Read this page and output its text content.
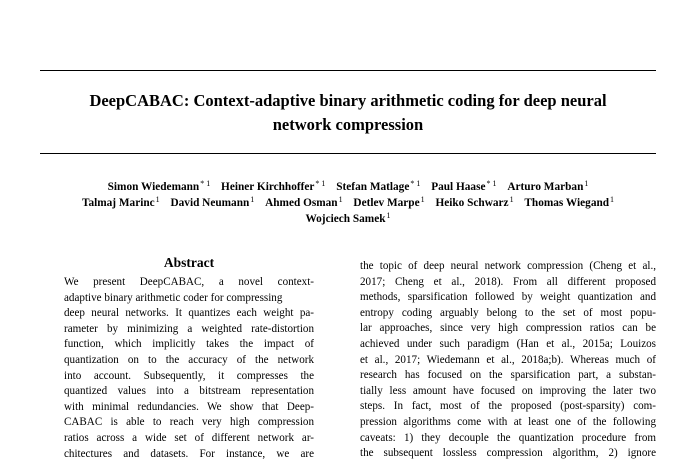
DeepCABAC: Context-adaptive binary arithmetic coding for deep neural
network compression
Simon Wiedemann$^{* 1}$ Heiner Kirchhoffer$^{* 1}$ Stefan Matlage$^{* 1}$ Paul Haase$^{* 1}$ Arturo Marban$^1$
Talmaj Marinc$^1$ David Neumann$^1$ Ahmed Osman$^1$ Detlev Marpe$^1$ Heiko Schwarz$^1$ Thomas Wiegand$^1$
Wojciech Samek$^1$
Abstract
We present DeepCABAC, a novel context-
adaptive binary arithmetic coder for compressing
deep neural networks. It quantizes each weight pa-
rameter by minimizing a weighted rate-distortion
function, which implicitly takes the impact of
quantization on to the accuracy of the network
into account. Subsequently, it compresses the
quantized values into a bitstream representation
with minimal redundancies. We show that Deep-
CABAC is able to reach very high compression
ratios across a wide set of different network ar-
chitectures and datasets. For instance, we are
the topic of deep neural network compression (Cheng et al.,
2017; Cheng et al., 2018). From all different proposed
methods, sparsification followed by weight quantization and
entropy coding arguably belong to the set of most popu-
lar approaches, since very high compression ratios can be
achieved under such paradigm (Han et al., 2015a; Louizos
et al., 2017; Wiedemann et al., 2018a;b). Whereas much of
research has focused on the sparsification part, a substan-
tially less amount have focused on improving the later two
steps. In fact, most of the proposed (post-sparsity) com-
pression algorithms come with at least one of the following
caveats: 1) they decouple the quantization procedure from
the subsequent lossless compression algorithm, 2) ignore
